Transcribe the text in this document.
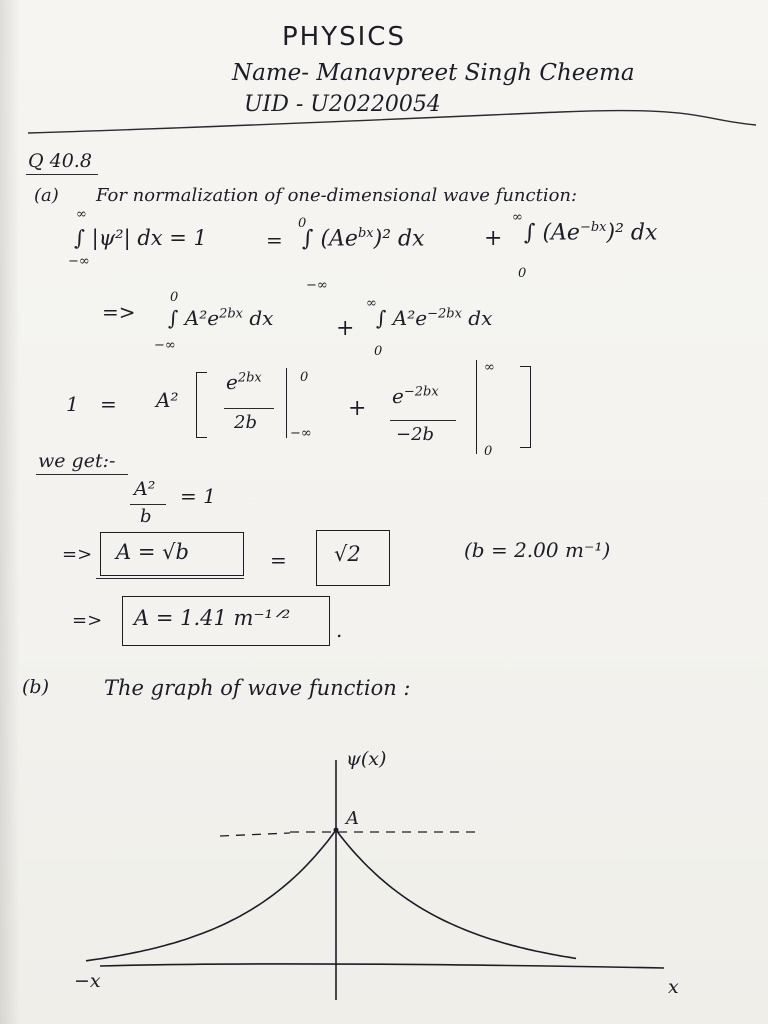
PHYSICS
Name- Manavpreet Singh Cheema
UID - U20220054
Q 40.8
(a) For normalization of one-dimensional wave function:
∞
∫ |ψ²| dx = 1
−∞
=
0
∫ $(Ae^{bx})^2$ dx
−∞
+
∞
∫ $(Ae^{-bx})^2$ dx
0
=>
0
∫ $A^2e^{2bx}$ dx
−∞
+
∞
∫ $A^2e^{-2bx}$ dx
0
1 = A²
$e^{2bx}$
2b
0
−∞
+ $e^{-2bx}$
−2b
∞
0
we get:-
A²
b
= 1
=> A = √b	= √2	(b = 2.00 m⁻¹)
=> A = 1.41 m⁻¹ᐟ² .
(b)	The graph of wave function :
ψ(x)
A
x
−x
